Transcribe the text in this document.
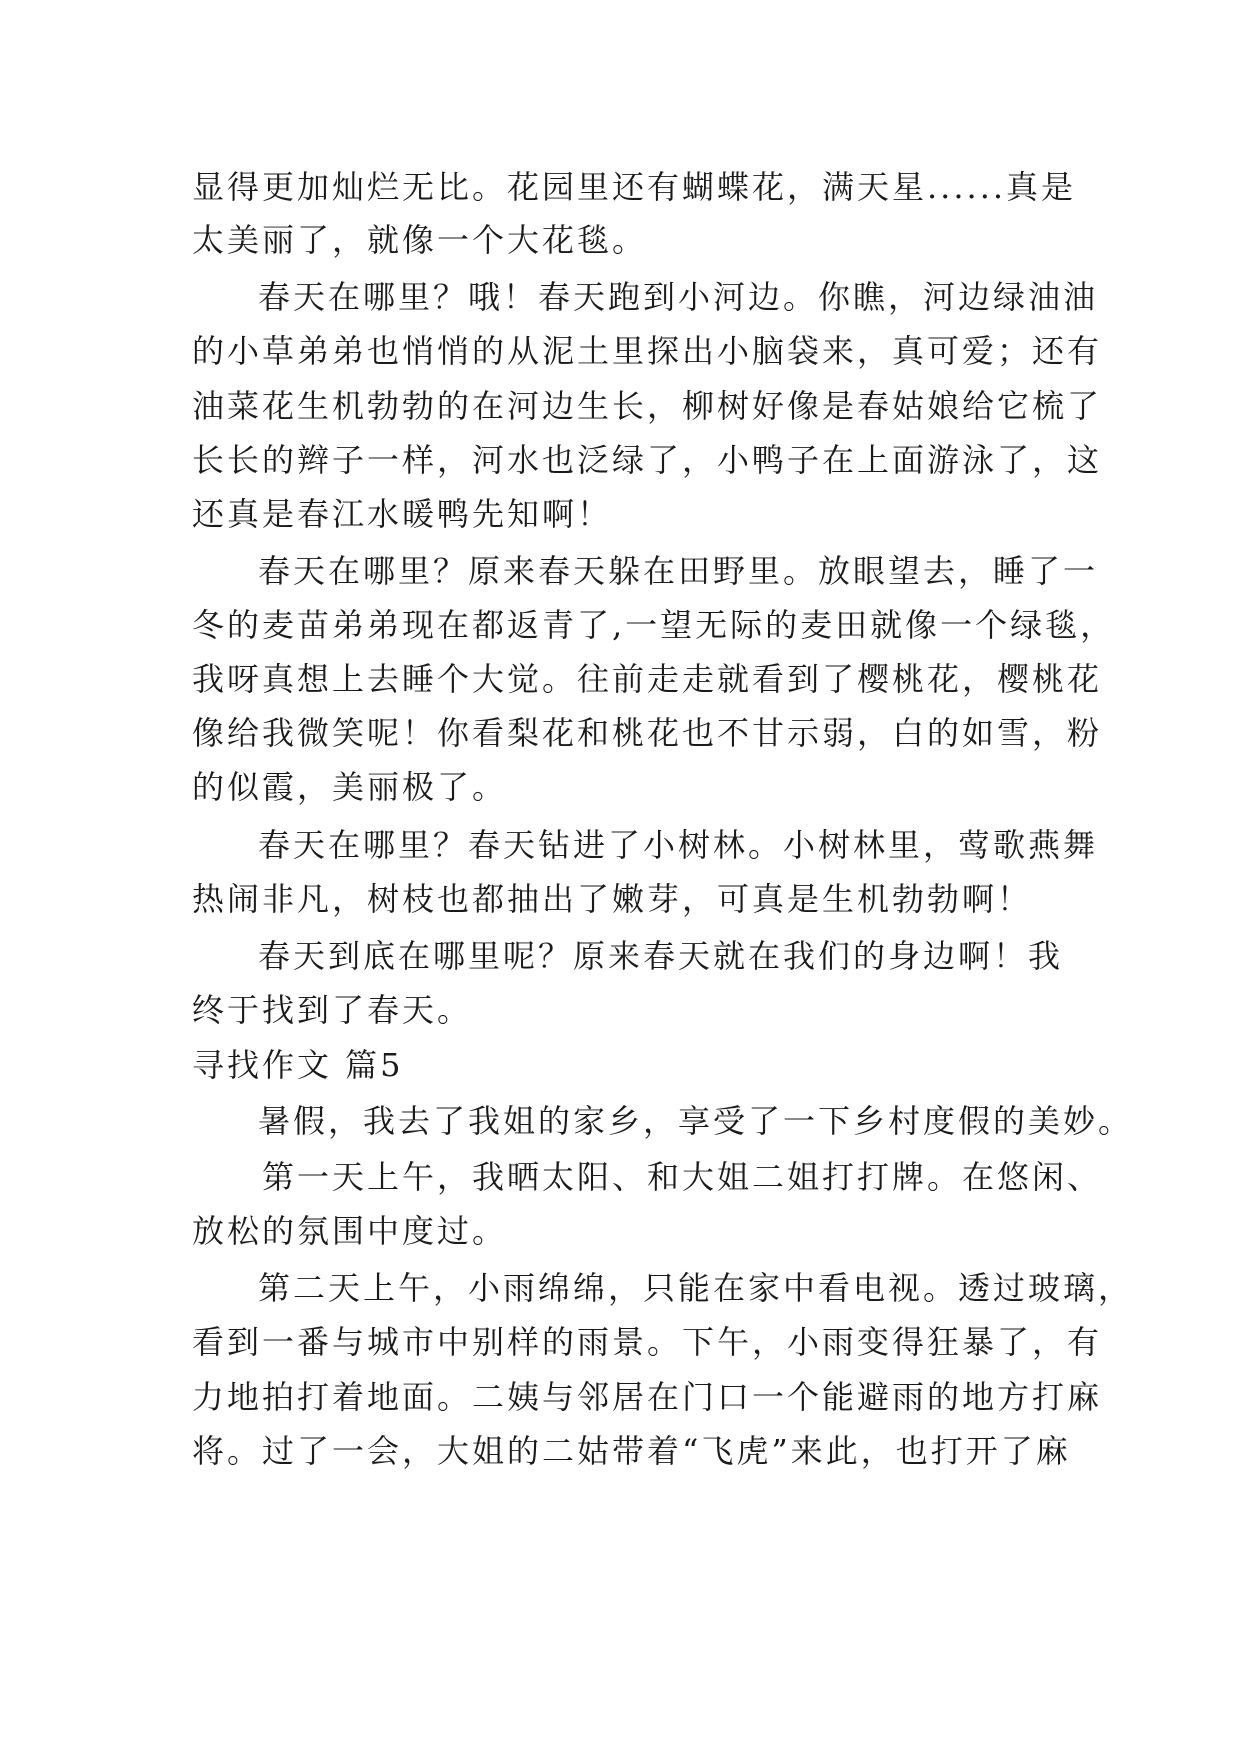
显得更加灿烂无比。花园里还有蝴蝶花，满天星......真是
太美丽了，就像一个大花毯。
春天在哪里？哦！春天跑到小河边。你瞧，河边绿油油
的小草弟弟也悄悄的从泥土里探出小脑袋来，真可爱；还有
油菜花生机勃勃的在河边生长，柳树好像是春姑娘给它梳了
长长的辫子一样，河水也泛绿了，小鸭子在上面游泳了，这
还真是春江水暖鸭先知啊！
春天在哪里？原来春天躲在田野里。放眼望去，睡了一
冬的麦苗弟弟现在都返青了,一望无际的麦田就像一个绿毯，
我呀真想上去睡个大觉。往前走走就看到了樱桃花，樱桃花
像给我微笑呢！你看梨花和桃花也不甘示弱，白的如雪，粉
的似霞，美丽极了。
春天在哪里？春天钻进了小树林。小树林里，莺歌燕舞
热闹非凡，树枝也都抽出了嫩芽，可真是生机勃勃啊！
春天到底在哪里呢？原来春天就在我们的身边啊！我
终于找到了春天。
寻找作文 篇5
暑假，我去了我姐的家乡，享受了一下乡村度假的美妙。
第一天上午，我晒太阳、和大姐二姐打打牌。在悠闲、
放松的氛围中度过。
第二天上午，小雨绵绵，只能在家中看电视。透过玻璃，
看到一番与城市中别样的雨景。下午，小雨变得狂暴了，有
力地拍打着地面。二姨与邻居在门口一个能避雨的地方打麻
将。过了一会，大姐的二姑带着“飞虎”来此，也打开了麻
